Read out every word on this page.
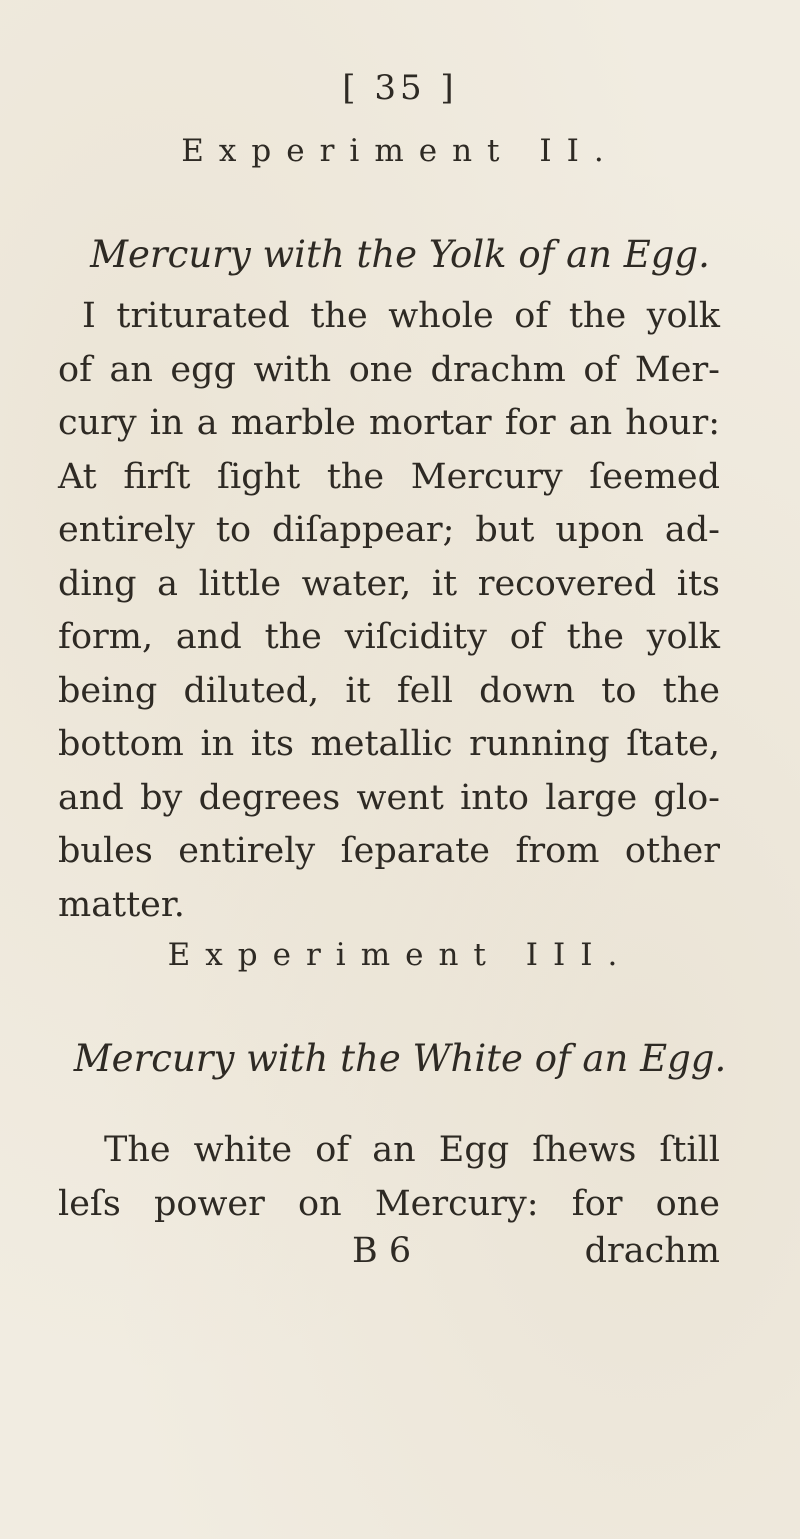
[ 35 ]
Experiment II.
Mercury with the Yolk of an Egg.
I triturated the whole of the yolk
of an egg with one drachm of Mer-
cury in a marble mortar for an hour:
At firſt ſight the Mercury ſeemed
entirely to diſappear; but upon ad-
ding a little water, it recovered its
form, and the viſcidity of the yolk
being diluted, it fell down to the
bottom in its metallic running ſtate,
and by degrees went into large glo-
bules entirely ſeparate from other
matter.
Experiment III.
Mercury with the White of an Egg.
The white of an Egg ſhews ſtill
leſs power on Mercury: for one
B 6	drachm
